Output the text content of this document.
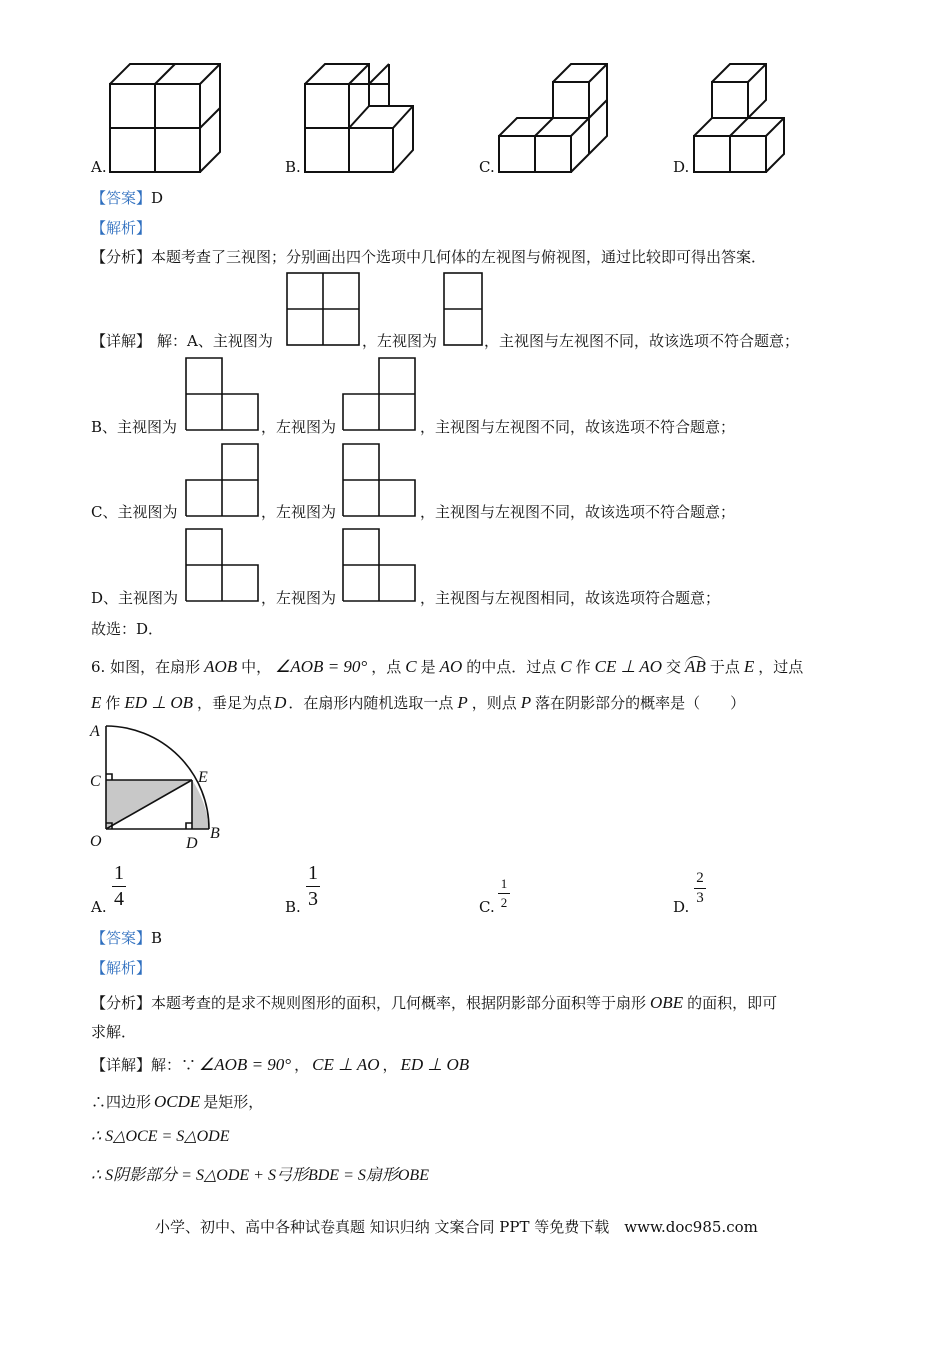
A.	B.	C.	D.
【答案】D
【解析】
【分析】本题考查了三视图；分别画出四个选项中几何体的左视图与俯视图，通过比较即可得出答案．
【详解】 解：A、主视图为	，左视图为	，主视图与左视图不同，故该选项不符合题意；
B、主视图为	，左视图为	，主视图与左视图不同，故该选项不符合题意；
C、主视图为	，左视图为	，主视图与左视图不同，故该选项不符合题意；
D、主视图为	，左视图为	，主视图与左视图相同，故该选项符合题意；
故选：D．
6. 如图，在扇形 AOB 中， ∠AOB = 90° ，点 C 是 AO 的中点．过点 C 作 CE ⊥ AO 交 AB 于点 E ，过点
E 作 ED ⊥ OB ，垂足为点 D ．在扇形内随机选取一点 P ，则点 P 落在阴影部分的概率是（　　）
A
C	E
O	D
B
A.
1
4	B.
1
3	C.
1
2	D.
2
3
【答案】B
【解析】
【分析】本题考查的是求不规则图形的面积，几何概率，根据阴影部分面积等于扇形 OBE 的面积，即可
求解．
【详解】解：∵ ∠AOB = 90° ， CE ⊥ AO ， ED ⊥ OB
∴四边形 OCDE 是矩形，
∴ S△OCE = S△ODE
∴ S阴影部分 = S△ODE + S弓形BDE = S扇形OBE
小学、初中、高中各种试卷真题 知识归纳 文案合同 PPT 等免费下载　www.doc985.com
